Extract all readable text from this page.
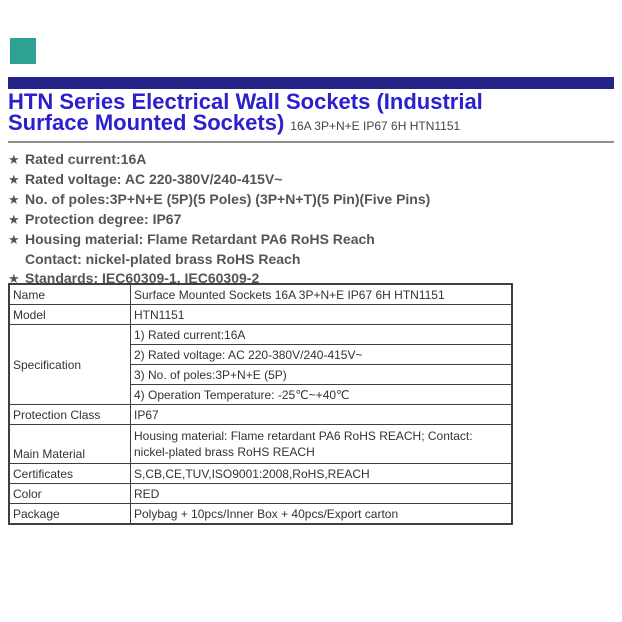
HTN Series Electrical Wall Sockets (Industrial
Surface Mounted Sockets) 16A 3P+N+E IP67 6H HTN1151
★ Rated current:16A
★ Rated voltage: AC 220-380V/240-415V~
★ No. of poles:3P+N+E (5P)(5 Poles) (3P+N+T)(5 Pin)(Five Pins)
★ Protection degree: IP67
★ Housing material: Flame Retardant PA6 RoHS Reach
Contact: nickel-plated brass RoHS Reach
★ Standards: IEC60309-1, IEC60309-2
Name	Surface Mounted Sockets 16A 3P+N+E IP67 6H HTN1151
Model	HTN1151
Specification	1) Rated current:16A
	2) Rated voltage: AC 220-380V/240-415V~
	3) No. of poles:3P+N+E (5P)
	4) Operation Temperature: -25℃~+40℃
Protection Class	IP67
Main Material	Housing material: Flame retardant PA6 RoHS REACH; Contact: nickel-plated brass RoHS REACH
Certificates	S,CB,CE,TUV,ISO9001:2008,RoHS,REACH
Color	RED
Package	Polybag + 10pcs/Inner Box + 40pcs/Export carton
